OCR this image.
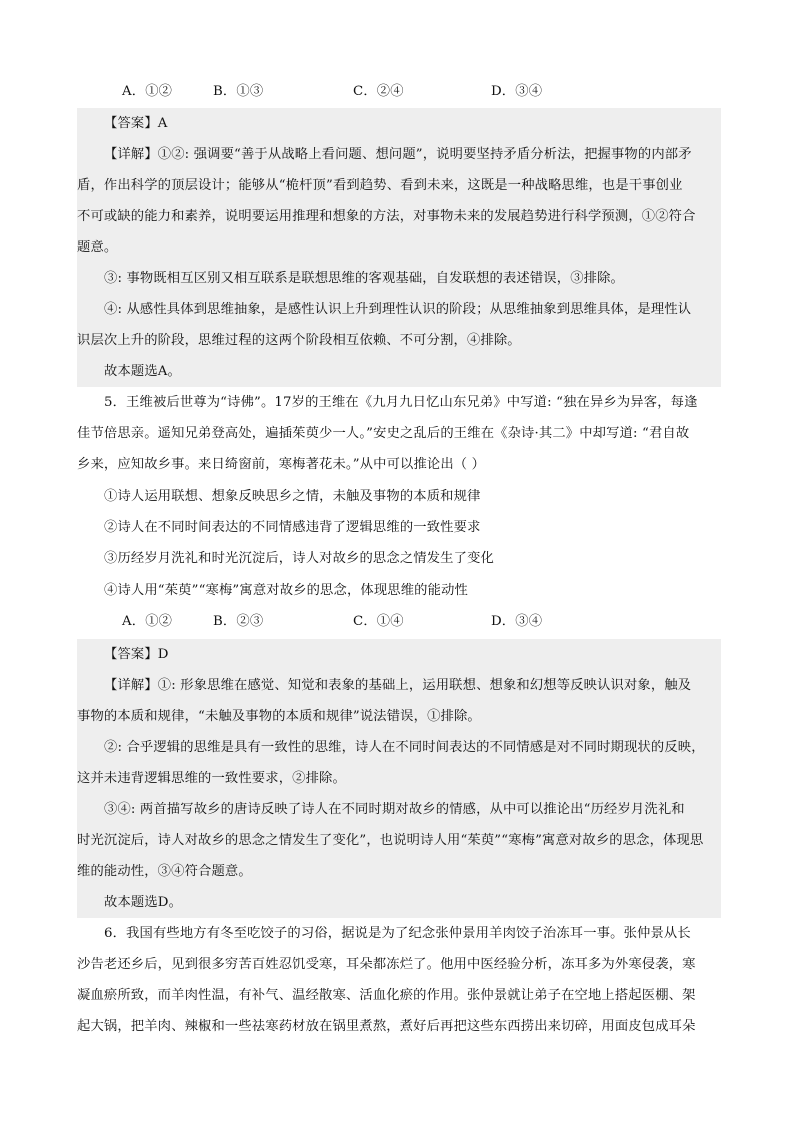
A．①②	B．①③	C．②④	D．③④
【答案】A
【详解】①②: 强调要“善于从战略上看问题、想问题”，说明要坚持矛盾分析法，把握事物的内部矛
盾，作出科学的顶层设计；能够从“桅杆顶”看到趋势、看到未来，这既是一种战略思维，也是干事创业
不可或缺的能力和素养，说明要运用推理和想象的方法，对事物未来的发展趋势进行科学预测，①②符合
题意。
③: 事物既相互区别又相互联系是联想思维的客观基础，自发联想的表述错误，③排除。
④: 从感性具体到思维抽象，是感性认识上升到理性认识的阶段；从思维抽象到思维具体，是理性认
识层次上升的阶段，思维过程的这两个阶段相互依赖、不可分割，④排除。
故本题选A。
5．王维被后世尊为“诗佛”。17岁的王维在《九月九日忆山东兄弟》中写道: “独在异乡为异客，每逢
佳节倍思亲。遥知兄弟登高处，遍插茱萸少一人。”安史之乱后的王维在《杂诗·其二》中却写道: “君自故
乡来，应知故乡事。来日绮窗前，寒梅著花未。”从中可以推论出（ ）
①诗人运用联想、想象反映思乡之情，未触及事物的本质和规律
②诗人在不同时间表达的不同情感违背了逻辑思维的一致性要求
③历经岁月洗礼和时光沉淀后，诗人对故乡的思念之情发生了变化
④诗人用“茱萸”“寒梅”寓意对故乡的思念，体现思维的能动性
A．①②	B．②③	C．①④	D．③④
【答案】D
【详解】①: 形象思维在感觉、知觉和表象的基础上，运用联想、想象和幻想等反映认识对象，触及
事物的本质和规律，“未触及事物的本质和规律”说法错误，①排除。
②: 合乎逻辑的思维是具有一致性的思维，诗人在不同时间表达的不同情感是对不同时期现状的反映，
这并未违背逻辑思维的一致性要求，②排除。
③④: 两首描写故乡的唐诗反映了诗人在不同时期对故乡的情感，从中可以推论出“历经岁月洗礼和
时光沉淀后，诗人对故乡的思念之情发生了变化”，也说明诗人用“茱萸”“寒梅”寓意对故乡的思念，体现思
维的能动性，③④符合题意。
故本题选D。
6．我国有些地方有冬至吃饺子的习俗，据说是为了纪念张仲景用羊肉饺子治冻耳一事。张仲景从长
沙告老还乡后，见到很多穷苦百姓忍饥受寒，耳朵都冻烂了。他用中医经验分析，冻耳多为外寒侵袭，寒
凝血瘀所致，而羊肉性温，有补气、温经散寒、活血化瘀的作用。张仲景就让弟子在空地上搭起医棚、架
起大锅，把羊肉、辣椒和一些祛寒药材放在锅里煮熬，煮好后再把这些东西捞出来切碎，用面皮包成耳朵
